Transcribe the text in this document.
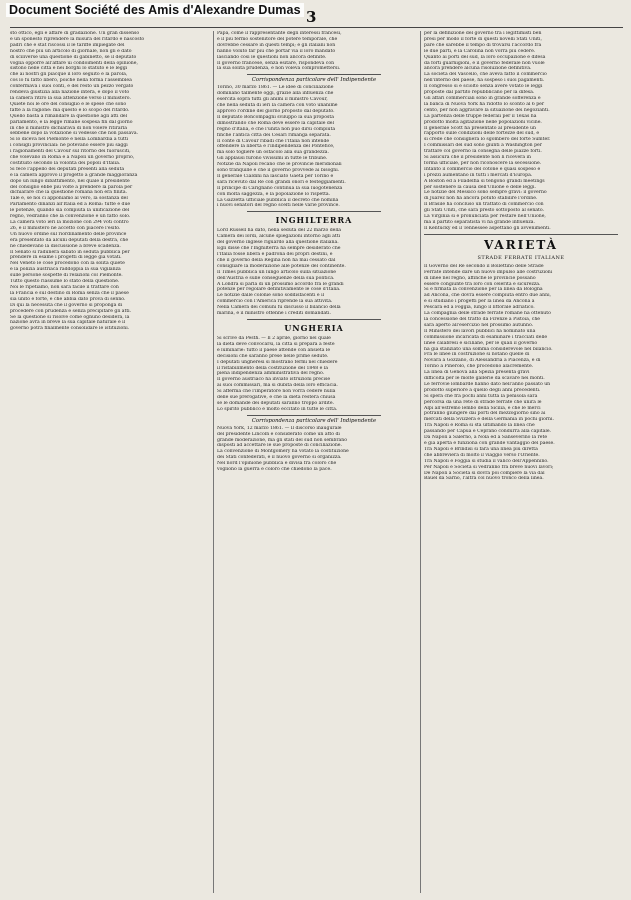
Document Société des Amis d'Alexandre Dumas 3
sto ottico, egli è affare di gradazione. Un gran dissenso
e un sponesto riprendere la misura del ritardo è nascosto
padri che è stat riscossi il le tariffe impiegate del
nostro che più un articolo di giornale, non gli è dato
di sciliverse una questione di gabinetto, se il deputato
voglia opporre all'affare ui condoimenti della opinione,
sistono nelle città e nei borghi lo statuto e le leggi
che ai nostri gli piacque il loro seguito e la parola,
cos lo fu fatto libero, poichè nella forma l'assemblea
confermava i suoi conti, e del resto un pezzo vergato
rendeva giustizia alla nazione intera, e dopo il voto
la camera ritirò la sua attenzione verso il ministero.
Quiete noi le ore del consiglio e le spese che sono
fatte a la ragione: ma questo è lo scopo del ritardo.
Quello basta a rimandare la questione agli atti del
parlamento, e la legge rimane sospesa fin dal giorno
in che il ministro dichiarava di non volere ritirarla
sebbene dopo la votazione si vedesse che non passava.
Sì lo diceva nel Piemonte e nella Lombardia a tutti
i consigli provinciali: nè potevano essere più saggi
i ragionamenti del Cavour sul ritorno dei fuorusciti,
che volevano in Roma e a Napoli un governo proprio,
costituito secondo la volontà dei popoli d'Italia.
Si fece l'appello dei deputati presenti alla seduta
e la camera approvò il progetto a grande maggioranza
dopo un lungo dibattimento, nel quale il presidente
del consiglio ebbe più volte a prendere la parola per
dichiarare che la questione romana non era finita.
Tale è, se noi ci apponiamo al vero, la sostanza del
Parlamento dinanzi all'Italia ed a Roma: tutte e due
le potenze, quando sia compiuta la unificazione del
regno, vedranno che la convenzione è un fatto solo.
La camera votò ieri la mozione con 294 voti contro
26, e il ministero ne accettò con piacere l'esito.
Un nuovo ordine sul riordinamento delle province
era presentato da alcuni deputati della destra, che
ne chiedevano la discussione a breve scadenza.
Il Senato si radunerà sabato in seduta pubblica per
prendere in esame i progetti di legge già votati.
Nel Veneto le cose procedono con la solita quiete
e la polizia austriaca raddoppia la sua vigilanza
sulle persone sospette di relazioni col Piemonte.
Tutto questo riassume lo stato della questione.
Noi le ripetiamo, non sarà facile il trattare con
la Francia e sul destino di Roma senza che il paese
sia unito e forte, e che abbia dato prova di senno.
Di qui la necessità che il governo si proponga di
procedere con prudenza e senza precipitare gli atti.
Se la questione si risolve come ognuno desidera, la
nazione avrà in breve la sua capitale naturale e il
governo potrà finalmente consolidare le istituzioni.
Papa, come il rappresentante degli interessi francesi,
e il più fermo sostenitore del potere temporale, che
dovrebbe cessare in questi tempi; e gli italiani non
hanno voluto far più che portar via il loro mandato
lasciando così le questioni non ancora definite.
Il governo francese, senza esitare, rispondeva con
la sua solita prudenza, e non voleva compromettersi.
Corrispondenza particolare dell' Indipendente
Torino, 30 marzo 1861. — Le idee di conciliazione
dominano talmente oggi, grazie alla influenza che
esercita sopra tutti gli animi il ministro Cavour,
che nella seduta di ieri la camera con voto unanime
approvò l'ordine del giorno proposto dal deputato.
Il deputato Boncompagni sviluppò la sua proposta
dimostrando che Roma deve essere la capitale del
regno d'Italia, e che l'unità non può dirsi compiuta
finchè l'antica città dei Cesari rimanga separata.
Il conte di Cavour ribadì che l'Italia non intende
offendere la libertà e l'indipendenza del Pontefice,
ma solo togliere un ostacolo alla sua grandezza.
Gli applausi furono vivissimi in tutte le tribune.
Notizie da Napoli recano che le provincie meridionali
sono tranquille e che il governo provvede ai bisogni.
Il generale Cialdini ha lasciato Gaeta per Torino e
sarà ricevuto dal Re con grandi onori e festeggiamenti.
Il principe di Carignano continua la sua luogotenenza
con molta saggezza, e la popolazione lo rispetta.
La Gazzetta ufficiale pubblica il decreto che nomina
i nuovi senatori del regno scelti nelle varie province.
INGHILTERRA
Lord Russell ha dato, nella seduta del 22 marzo della
Camera dei lordi, alcune spiegazioni intorno agli atti
del governo inglese riguardo alla questione italiana.
Egli disse che l'Inghilterra ha sempre desiderato che
l'Italia fosse libera e padrona dei propri destini, e
che il governo della Regina non ha mai cessato dal
consigliare la moderazione alle potenze del continente.
Il Times pubblica un lungo articolo sulla situazione
dell'Austria e sulle conseguenze della sua politica.
A Londra si parla di un prossimo accordo fra le grandi
potenze per regolare definitivamente le cose d'Italia.
Le notizie dalle colonie sono soddisfacenti e il
commercio con l'America riprende la sua attività.
Nella Camera dei comuni fu discusso il bilancio della
marina, e il ministro ottenne i crediti domandati.
UNGHERIA
Si scrive da Pesth. — Il 2 aprile, giorno nel quale
la dieta deve convocarsi, la città si prepara a feste
e luminarie: tutto il paese attende con ansietà le
decisioni che saranno prese nelle prime sedute.
I deputati ungheresi si mostrano fermi nel chiedere
il ristabilimento della costituzione del 1848 e la
piena indipendenza amministrativa del regno.
Il governo austriaco ha inviato istruzioni precise
ai suoi commissari, ma si dubita della loro efficacia.
Si afferma che l'imperatore non vorrà cedere nulla
delle sue prerogative, e che la dieta resterà chiusa
se le domande dei deputati saranno troppo ardite.
Lo spirito pubblico è molto eccitato in tutte le città.
Corrispondenza particolare dell' Indipendente
Nuova York, 12 marzo 1861. — Il discorso inaugurale
del presidente Lincoln è considerato come un atto di
grande moderazione, ma gli stati del sud non sembrano
disposti ad accettare le sue proposte di conciliazione.
La convenzione di Montgomery ha votato la costituzione
dei Stati confederati, e il nuovo governo si organizza.
Nel nord l'opinione pubblica è divisa fra coloro che
vogliono la guerra e coloro che chiedono la pace.
per la definizione del governo tra i legittimisti ben
presi per modo il forte di questi novelli Stati Uniti,
pare che sarebbe il tempo di trovarsi l'accordo fra
le due parti, e la Carolina non vorrà più cedere.
Quanto ai porti del sud, la loro occupazione è difesa
da forti guarnigioni, e il governo federale non vuole
ancora prendere alcuna risoluzione definitiva.
La società del Vascello, che aveva fatto il commercio
nell'interno del paese, ha sospeso i suoi pagamenti.
Il congresso si è sciolto senza avere votato le leggi
proposte dal partito repubblicano per la difesa.
Gli affari commerciali sono in grande sofferenza e
la banca di Nuova York ha ridotto lo sconto al 6 per
cento, per non aggravare la situazione dei negozianti.
La partenza delle truppe federali per il Texas ha
prodotto molta agitazione nelle popolazioni vicine.
Il generale Scott ha presentato al presidente un
rapporto sulle condizioni delle fortezze del sud, e
si crede che consiglierà lo sgombero del forte Sumter.
I commissari del sud sono giunti a Washington per
trattare col governo la consegna delle piazze forti.
Si assicura che il presidente non li riceverà in
forma ufficiale, per non riconoscere la secessione.
Intanto il commercio del cotone è quasi sospeso e
i prezzi aumentano in tutti i mercati d'Europa.
A Boston ed a Filadelfia si tengono grandi meetings
per sostenere la causa dell'Unione e delle leggi.
Le notizie del Messico sono sempre gravi: il governo
di Juarez non ha ancora potuto stabilire l'ordine.
Il Brasile ha concluso un trattato di commercio con
gli Stati Uniti, che sarà presto sottoposto al senato.
La Virginia si è pronunciata per restare nell'Unione,
ma il partito separatista vi ha grande influenza.
Il Kentucky ed il Tennessee aspettano gli avvenimenti.
VARIETÀ
STRADE FERRATE ITALIANE
Il Governo del Re secondo il Bollettino delle Strade
Ferrate intende dare un nuovo impulso alle costruzioni
di linee nel regno, affinchè le provincie possano
essere congiunte tra loro con celerità e sicurezza.
Si è firmata la convenzione per la linea da Bologna
ad Ancona, che dovrà essere compiuta entro due anni,
e si studiano i progetti per la linea da Ancona a
Pescara ed a Foggia, lungo il littorale adriatico.
La compagnia delle strade ferrate romane ha ottenuto
la concessione del tratto da Firenze a Pistoia, che
sarà aperto all'esercizio nel prossimo autunno.
Il Ministero dei lavori pubblici ha nominato una
commissione incaricata di esaminare i tracciati delle
linee calabresi e siciliane, per le quali il governo
ha già stanziato una somma considerevole nel bilancio.
Fra le linee in costruzione si notano quelle di
Novara a Gozzano, di Alessandria a Piacenza, e di
Torino a Pinerolo, che procedono alacremente.
La linea di Genova alla Spezia presenta gravi
difficoltà per le molte gallerie da scavare nei monti.
Le ferrovie lombarde hanno dato nell'anno passato un
prodotto superiore a quello degli anni precedenti.
Si spera che fra pochi anni tutta la penisola sarà
percorsa da una rete di strade ferrate che unirà le
Alpi all'estremo lembo della Sicilia, e che le merci
potranno giungere dai porti del mezzogiorno sino ai
mercati della Svizzera e della Germania in pochi giorni.
Tra Napoli e Roma si sta ultimando la linea che
passando per Capua e Ceprano condurrà alla capitale.
Da Napoli a Salerno, a Nola ed a Sanseverino la rete
è già aperta e funziona con grande vantaggio del paese.
Tra Napoli e Brindisi si farà una linea più diretta
che abbrevierà di molto il viaggio verso l'Oriente.
Tra Napoli e Foggia si studia il valico dell'Appennino.
Per Napoli e Società si vedranno fra breve nuovi lavori;
De Napoli a Società si dovrà poi compiere la via dal
Bauel da Sarno, l'altra col nuovo tronco della linea.
